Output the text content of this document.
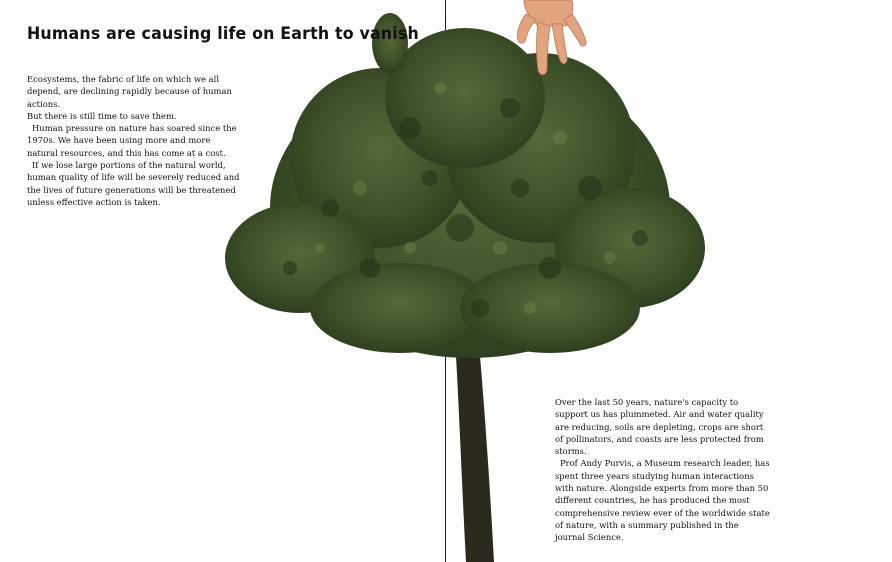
Humans are causing life on Earth to vanish

Ecosystems, the fabric of life on which we all depend, are declining rapidly because of human actions.

But there is still time to save them.

Human pressure on nature has soared since the 1970s. We have been using more and more natural resources, and this has come at a cost.

If we lose large portions of the natural world, human quality of life will be severely reduced and the lives of future generations will be threatened unless effective action is taken.

Over the last 50 years, nature's capacity to support us has plummeted. Air and water quality are reducing, soils are depleting, crops are short of pollinators, and coasts are less protected from storms.

Prof Andy Purvis, a Museum research leader, has spent three years studying human interactions with nature. Alongside experts from more than 50 different countries, he has produced the most comprehensive review ever of the worldwide state of nature, with a summary published in the journal Science.
